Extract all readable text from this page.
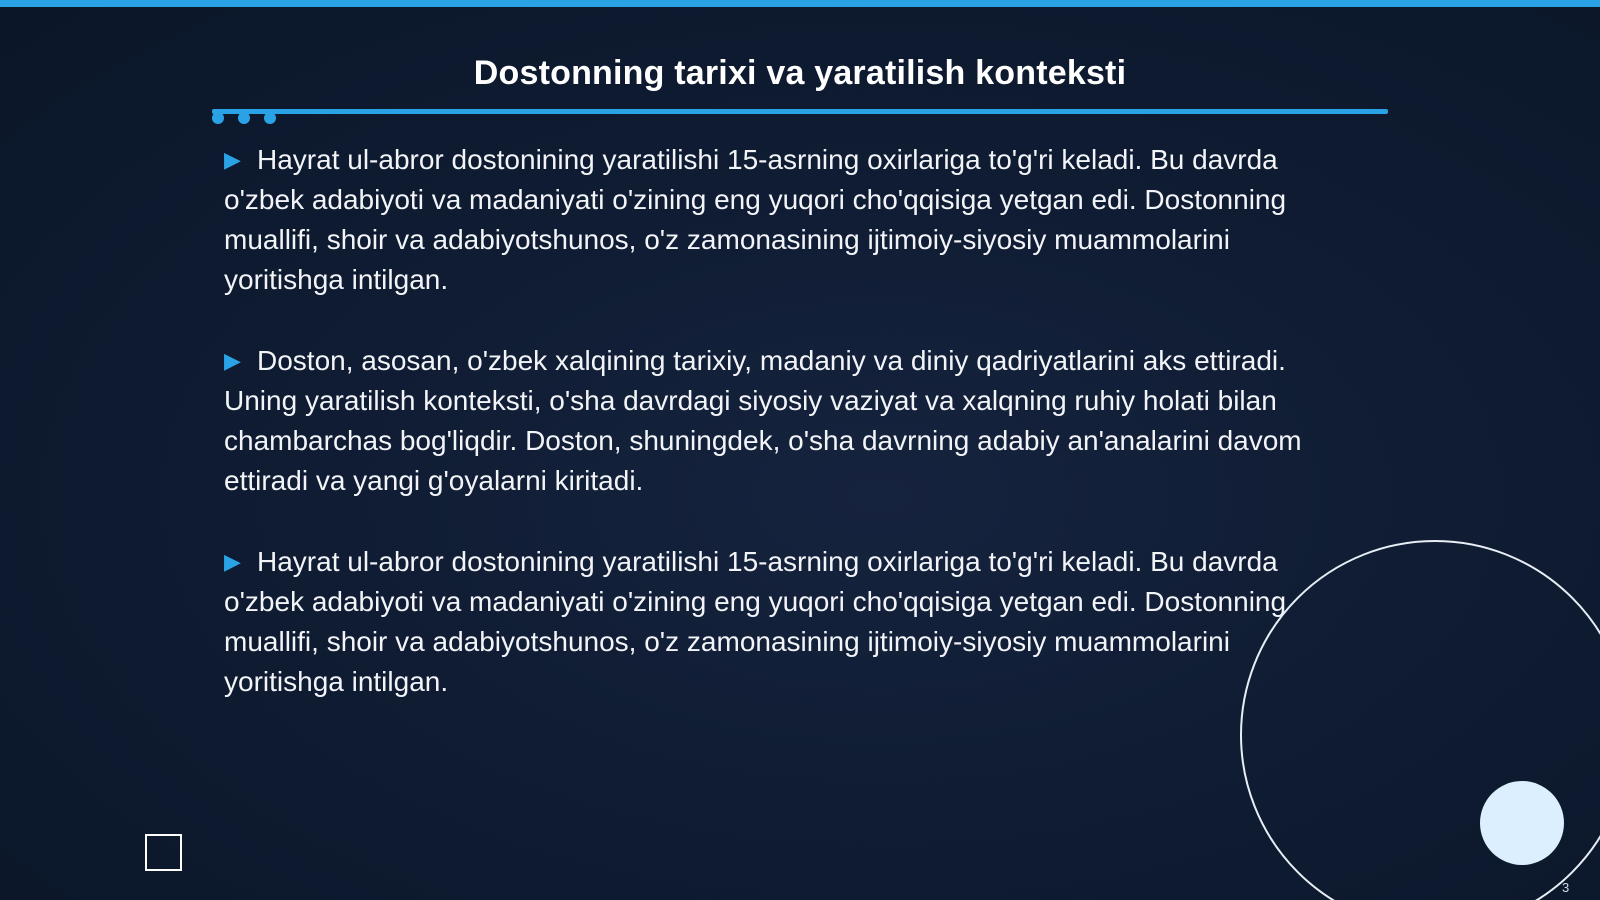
Dostonning tarixi va yaratilish konteksti

▶ Hayrat ul-abror dostonining yaratilishi 15-asrning oxirlariga to'g'ri keladi. Bu davrda o'zbek adabiyoti va madaniyati o'zining eng yuqori cho'qqisiga yetgan edi. Dostonning muallifi, shoir va adabiyotshunos, o'z zamonasining ijtimoiy-siyosiy muammolarini yoritishga intilgan.

▶ Doston, asosan, o'zbek xalqining tarixiy, madaniy va diniy qadriyatlarini aks ettiradi. Uning yaratilish konteksti, o'sha davrdagi siyosiy vaziyat va xalqning ruhiy holati bilan chambarchas bog'liqdir. Doston, shuningdek, o'sha davrning adabiy an'analarini davom ettiradi va yangi g'oyalarni kiritadi.

▶ Hayrat ul-abror dostonining yaratilishi 15-asrning oxirlariga to'g'ri keladi. Bu davrda o'zbek adabiyoti va madaniyati o'zining eng yuqori cho'qqisiga yetgan edi. Dostonning muallifi, shoir va adabiyotshunos, o'z zamonasining ijtimoiy-siyosiy muammolarini yoritishga intilgan.

3
